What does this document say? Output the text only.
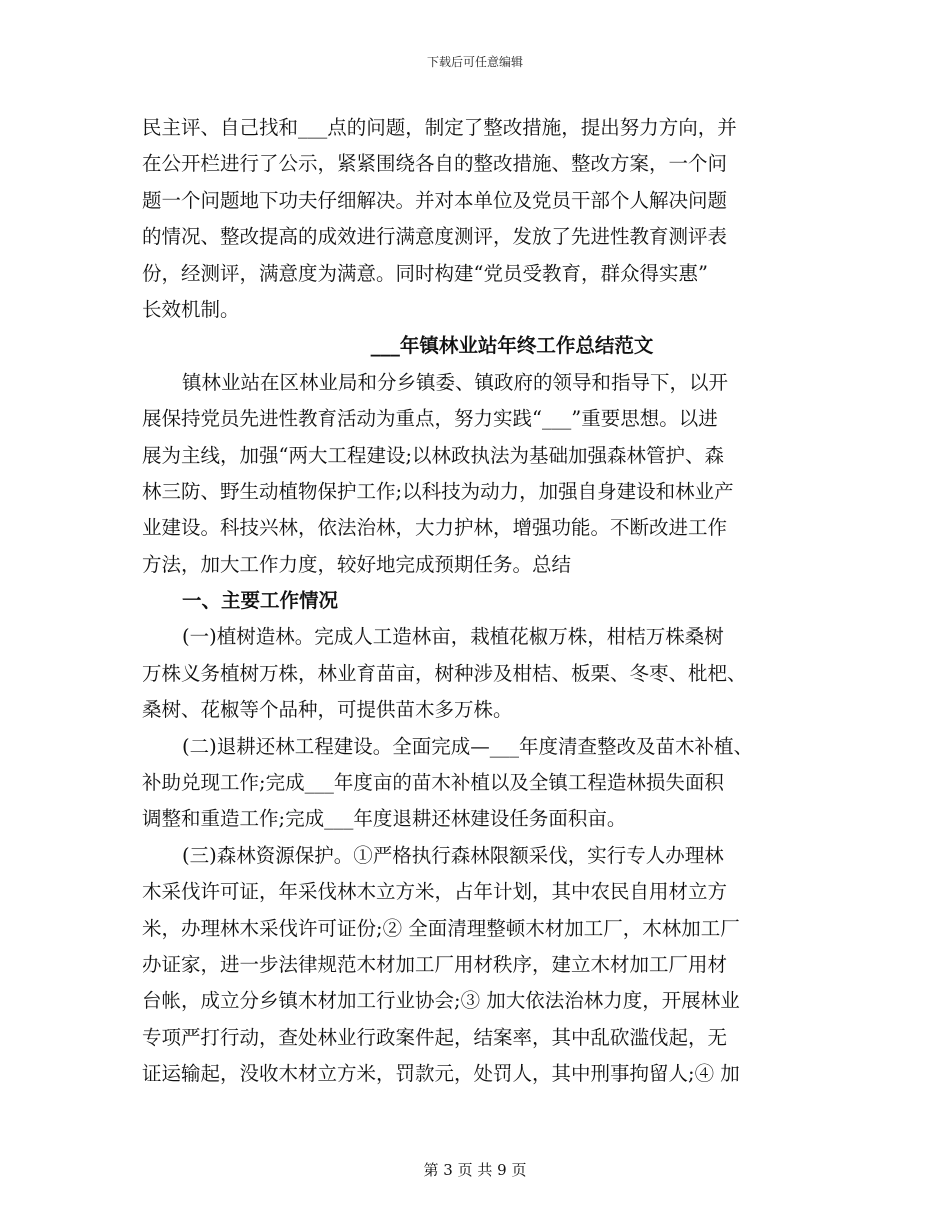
下载后可任意编辑
民主评、自己找和___点的问题，制定了整改措施，提出努力方向，并
在公开栏进行了公示，紧紧围绕各自的整改措施、整改方案，一个问
题一个问题地下功夫仔细解决。并对本单位及党员干部个人解决问题
的情况、整改提高的成效进行满意度测评，发放了先进性教育测评表
份，经测评，满意度为满意。同时构建“党员受教育，群众得实惠”
长效机制。
___年镇林业站年终工作总结范文
镇林业站在区林业局和分乡镇委、镇政府的领导和指导下，以开
展保持党员先进性教育活动为重点，努力实践“___”重要思想。以进
展为主线，加强“两大工程建设;以林政执法为基础加强森林管护、森
林三防、野生动植物保护工作;以科技为动力，加强自身建设和林业产
业建设。科技兴林，依法治林，大力护林，增强功能。不断改进工作
方法，加大工作力度，较好地完成预期任务。总结
一、主要工作情况
(一)植树造林。完成人工造林亩，栽植花椒万株，柑桔万株桑树
万株义务植树万株，林业育苗亩，树种涉及柑桔、板栗、冬枣、枇杷、
桑树、花椒等个品种，可提供苗木多万株。
(二)退耕还林工程建设。全面完成—___年度清查整改及苗木补植、
补助兑现工作;完成___年度亩的苗木补植以及全镇工程造林损失面积
调整和重造工作;完成___年度退耕还林建设任务面积亩。
(三)森林资源保护。①严格执行森林限额采伐，实行专人办理林
木采伐许可证，年采伐林木立方米，占年计划，其中农民自用材立方
米，办理林木采伐许可证份;② 全面清理整顿木材加工厂，木林加工厂
办证家，进一步法律规范木材加工厂用材秩序，建立木材加工厂用材
台帐，成立分乡镇木材加工行业协会;③ 加大依法治林力度，开展林业
专项严打行动，查处林业行政案件起，结案率，其中乱砍滥伐起，无
证运输起，没收木材立方米，罚款元，处罚人，其中刑事拘留人;④ 加
第 3 页 共 9 页
